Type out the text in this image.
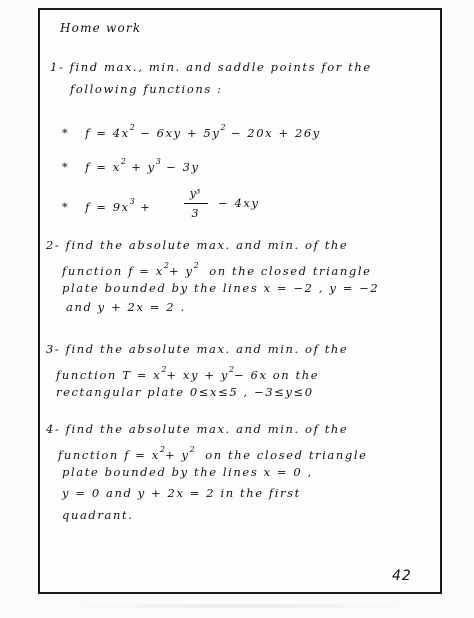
Home work
1- find max., min. and saddle points for the
following functions :
* $f = 4x^2 - 6xy + 5y^2 - 20x + 26y$
* $f = x^2 + y^3 - 3y$
* $f = 9x^3$ +
y³
3
− 4xy
2- find the absolute max. and min. of the
function $f = x^2+ y^2$ on the closed triangle
plate bounded by the lines x = −2 , y = −2
and y + 2x = 2 .
3- find the absolute max. and min. of the
function $T = x^2+$ xy + $y^2- 6x$ on the
rectangular plate 0≤x≤5 , −3≤y≤0
4- find the absolute max. and min. of the
function $f = x^2+ y^2$ on the closed triangle
plate bounded by the lines x = 0 ,
y = 0 and y + 2x = 2 in the first
quadrant.
42
